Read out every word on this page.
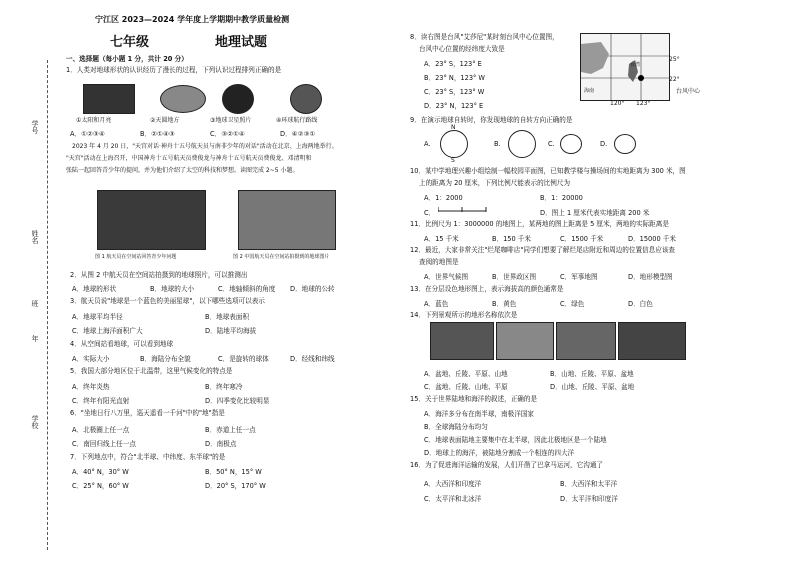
宁江区 2023—2024 学年度上学期期中教学质量检测
七年级	地理试题
学号
姓名
班
年
学校
一、选择题（每小题 1 分，共计 20 分）
1．人类对地球形状的认识经历了漫长的过程，下列认识过程排列正确的是
①太阳和月亮	②天圆地方	③地球卫星照片	④环球航行路线
A．①②③④	B．②①④③	C．③②①④	D．④②③①
2023 年 4 月 20 日，"天宫对话·神舟十五号航天员与南非少年的对话"活动在北京、上海两地举行。
"天宫"活动在上海召开，中国神舟十五号航天员费俊龙与神舟十五号航天员费俊龙、邓清明和
张陆一起回答青少年的提问，并为他们介绍了太空的科技和梦想。读图完成 2~5 小题。
图 1 航天员在空间站回答青少年问题	图 2 中国航天员在空间站拍摄到的地球图片
2．从图 2 中航天员在空间站拍摄到的地球照片，可以推测出
A．地球的形状	B．地球的大小	C．地轴倾斜的角度 D．地球的公转
3．航天员说"地球是一个蓝色的美丽星球"，以下哪些选项可以表示
A．地球平均半径	B．地球表面积
C．地球上海洋面积广大	D．陆地平均海拔
4．从空间站看地球，可以看到地球
A．实际大小	B．海陆分布全貌	C．是旋转的球体	D．经线和纬线
5．我国大部分地区位于北温带，这里气候变化的特点是
A．终年炎热	B．终年寒冷
C．终年有阳光直射	D．四季变化比较明显
6．"坐地日行八万里，巡天遥看一千河"中的"地"指是
A．北极圈上任一点	B．赤道上任一点
C．南回归线上任一点	D．南极点
7．下列地点中，符合"北半球、中纬度、东半球"的是
A．40° N，30° W	B．50° N，15° W
C．25° N，60° W	D．20° S，170° W
8．读右图是台风"艾莎尼"某时刻台风中心位置图，
台风中心位置的经纬度大致是
A．23° S，123° E
B．23° N，123° W
C．23° S，123° W
D．23° N，123° E
25°
22°
120° 123°
海南
台湾
台风中心
9．在演示地球自转时，你发现地球的自转方向正确的是
A.	B.	C.	D.
N
S
10．某中学地理兴趣小组绘制一幅校园平面图，已知教学楼与操场间的实地距离为 300 米，图
上的距离为 20 厘米，下列比例尺能表示的比例尺为
A．1：2000	B．1：20000
C．	D．图上 1 厘米代表实地距离 200 米
11．比例尺为 1：3000000 的地图上，某两地的图上距离是 5 厘米，两地的实际距离是
A．15 千米	B．150 千米	C．1500 千米	D．15000 千米
12．最近，大家非常关注"烂尾咖啡店"同学们想要了解烂尾店附近和周边的位置信息应该查
查阅的地图是
A．世界气候图	B．世界政区图	C．军事地图	D．地形模型图
13．在分层设色地形图上，表示海拔高的颜色通常是
A．蓝色	B．黄色	C．绿色	D．白色
14．下列景观所示的地形名称依次是
A．盆地、丘陵、平原、山地	B．山地、丘陵、平原、盆地
C．盆地、丘陵、山地、平原	D．山地、丘陵、平原、盆地
15．关于世界陆地和海洋的叙述，正确的是
A．海洋多分布在南半球，南极洋国家
B．全球海陆分布均匀
C．地球表面陆地主要集中在北半球，因此北极地区是一个陆地
D．地球上的海洋，被陆地分割成一个相连的四大洋
16．为了促进海洋运输的发展，人们开凿了巴拿马运河，它沟通了
A．大西洋和印度洋	B．大西洋和太平洋
C．太平洋和北冰洋	D．太平洋和印度洋
